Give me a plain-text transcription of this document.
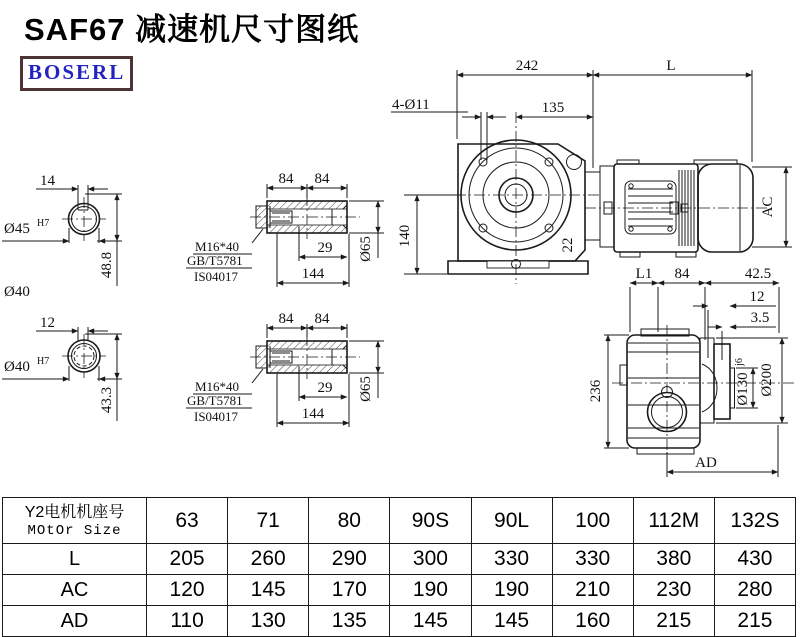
14
48.8
Ø45 H7
Ø40
12
43.3
Ø40 H7
84 84
29
144
Ø65
M16*40
GB/T5781
IS04017
84 84
29
144
Ø65
M16*40
GB/T5781
IS04017
242	L
135
4-Ø11
140	22
AC
L1 84	42.5
12
3.5
236	Ø130
j6
Ø200
AD
SAF67 减速机尺寸图纸
BOSERL
Y2电机机座号
MOtOr Size	63	71	80	90S	90L	100	112M	132S
L	205	260	290	300	330	330	380	430
AC	120	145	170	190	190	210	230	280
AD	110	130	135	145	145	160	215	215
